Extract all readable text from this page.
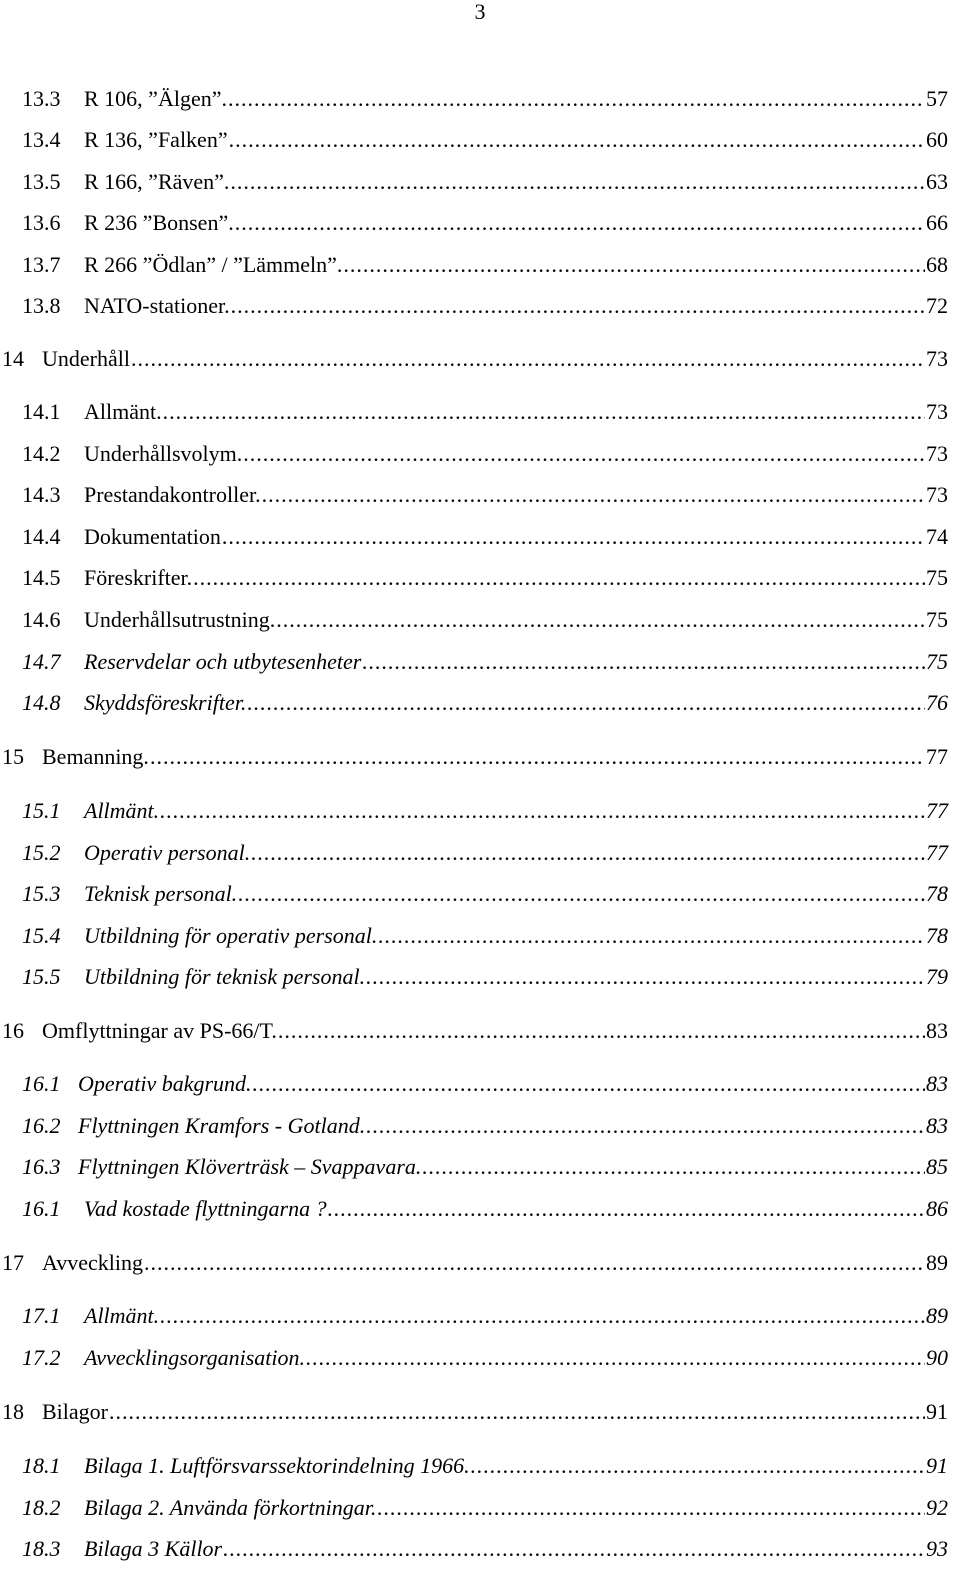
3
13.3	R 106, ”Älgen”. .....	57
13.4	R 136, ”Falken” .....	60
13.5	R 166, ”Räven”. .....	63
13.6	R 236 ”Bonsen”. .....	66
13.7	R 266 ”Ödlan” / ”Lämmeln”. .....	68
13.8	NATO-stationer. .....	72
14 Underhåll .....	73
14.1	Allmänt. .....	73
14.2	Underhållsvolym. .....	73
14.3	Prestandakontroller. .....	73
14.4	Dokumentation .....	74
14.5	Föreskrifter. .....	75
14.6	Underhållsutrustning. .....	75
14.7	Reservdelar och utbytesenheter .....	75
14.8	Skyddsföreskrifter. .....	76
15 Bemanning. .....	77
15.1	Allmänt. .....	77
15.2	Operativ personal. .....	77
15.3	Teknisk personal. .....	78
15.4	Utbildning för operativ personal. .....	78
15.5	Utbildning för teknisk personal. .....	79
16 Omflyttningar av PS-66/T. .....	83
16.1 Operativ bakgrund. .....	83
16.2 Flyttningen Kramfors - Gotland. .....	83
16.3 Flyttningen Klöverträsk – Svappavara. .....	85
16.1	Vad kostade flyttningarna ? .....	86
17 Avveckling .....	89
17.1	Allmänt. .....	89
17.2	Avvecklingsorganisation. .....	90
18 Bilagor .....	91
18.1	Bilaga 1. Luftförsvarssektorindelning 1966. .....	91
18.2	Bilaga 2. Använda förkortningar. .....	92
18.3	Bilaga 3 Källor .....	93
